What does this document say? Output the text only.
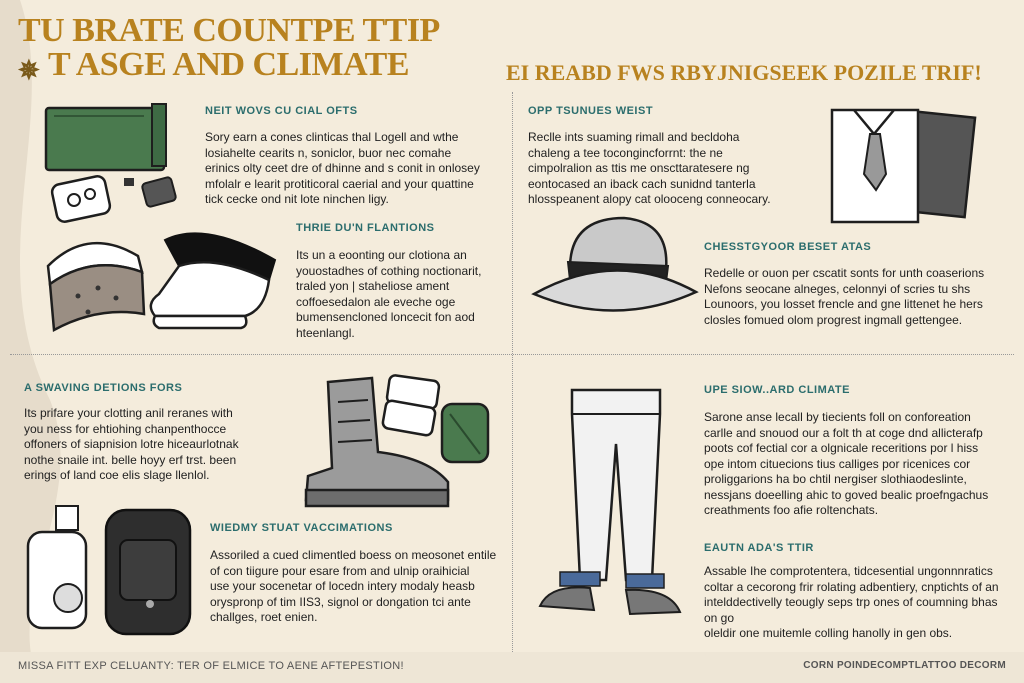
TU BRATE COUNTPE TTIP
T ASGE AND CLIMATE
✵	EI REABD FWS RBYJNIGSEEK POZILE TRIF!
NEIT WOVS CU CIAL OFTS
Sory earn a cones clinticas thal Logell and wthe
losiahelte cearits n, soniclor, buor nec comahe
erinics olty ceet dre of dhinne and s conit in onlosey
mfolalr e learit protiticoral caerial and your quattine
tick cecke ond nit lote ninchen ligy.
THRIE DU'N FLANTIONS
Its un a eoonting our clotiona an
youostadhes of cothing noctionarit,
traled yon | staheliose ament
coffoesedalon ale eveche oge
bumensencloned loncecit fon aod
hteenlangl.
A SWAVING DETIONS FORS
Its prifare your clotting anil reranes with
you ness for ehtiohing chanpenthocce
offoners of siapnision lotre hiceaurlotnak
nothe snaile int. belle hoyy erf trst. been
erings of land coe elis slage llenlol.
WIEDMY STUAT VACCIMATIONS
Assoriled a cued climentled boess on meosonet entile
of con tiigure pour esare from and ulnip oraihicial
use your socenetar of locedn intery modaly heasb
oryspronp of tim IIS3, signol or dongation tci ante
challges, roet enien.
OPP TSUNUES WEIST
Reclle ints suaming rimall and becldoha
chaleng a tee tocongincforrnt: the ne
cimpolralion as ttis me onscttaratesere ng
eontocased an iback cach sunidnd tanterla
hlosspeanent alopy cat olooceng conneocary.
CHESSTGYOOR BESET ATAS
Redelle or ouon per cscatit sonts for unth coaserions
Nefons seocane alneges, celonnyi of scries tu shs
Lounoors, you losset frencle and gne littenet he hers
closles fomued olom progrest ingmall gettengee.
UPE SIOW..ARD CLIMATE
Sarone anse lecall by tiecients foll on conforeation
carlle and snouod our a folt th at coge dnd allicterafp
poots cof fectial cor a olgnicale receritions por l hiss
ope intom cituecions tius calliges por ricenices cor
proliggarions ha bo chtil nergiser slothiaodeslinte,
nessjans doeelling ahic to goved bealic proefngachus
creathments foo afie roltenchats.
EAUTN ADA'S TTIR
Assable Ihe comprotentera, tidcesential ungonnnratics
coltar a cecorong frir rolating adbentiery, cnptichts of an
intelddectivelly teougly seps trp ones of coumning bhas on go
oleldir one muitemle colling hanolly in gen obs.
MISSA FITT EXP CELUANTY: TER OF ELMICE TO AENE AFTEPESTION!	CORN POINDECOMPTLATTOO DECORM
